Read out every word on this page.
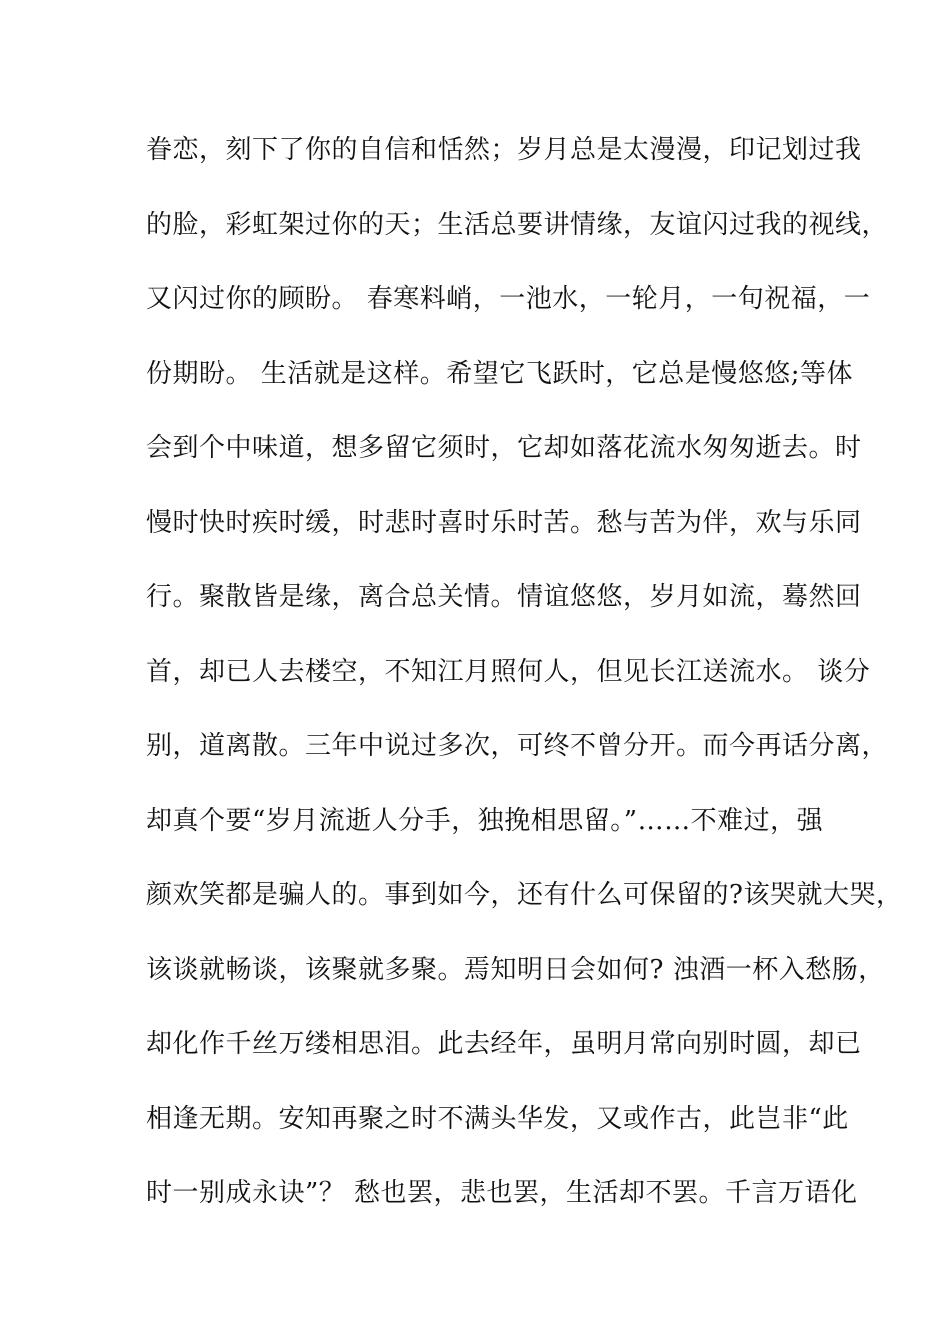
眷恋，刻下了你的自信和恬然；岁月总是太漫漫，印记划过我
的脸，彩虹架过你的天；生活总要讲情缘，友谊闪过我的视线，
又闪过你的顾盼。 春寒料峭，一池水，一轮月，一句祝福，一
份期盼。 生活就是这样。希望它飞跃时，它总是慢悠悠;等体
会到个中味道，想多留它须时，它却如落花流水匆匆逝去。时
慢时快时疾时缓，时悲时喜时乐时苦。愁与苦为伴，欢与乐同
行。聚散皆是缘，离合总关情。情谊悠悠，岁月如流，蓦然回
首，却已人去楼空，不知江月照何人，但见长江送流水。 谈分
别，道离散。三年中说过多次，可终不曾分开。而今再话分离，
却真个要“岁月流逝人分手，独挽相思留。”……不难过，强
颜欢笑都是骗人的。事到如今，还有什么可保留的?该哭就大哭，
该谈就畅谈，该聚就多聚。焉知明日会如何? 浊酒一杯入愁肠，
却化作千丝万缕相思泪。此去经年，虽明月常向别时圆，却已
相逢无期。安知再聚之时不满头华发，又或作古，此岂非“此
时一别成永诀”？ 愁也罢，悲也罢，生活却不罢。千言万语化
